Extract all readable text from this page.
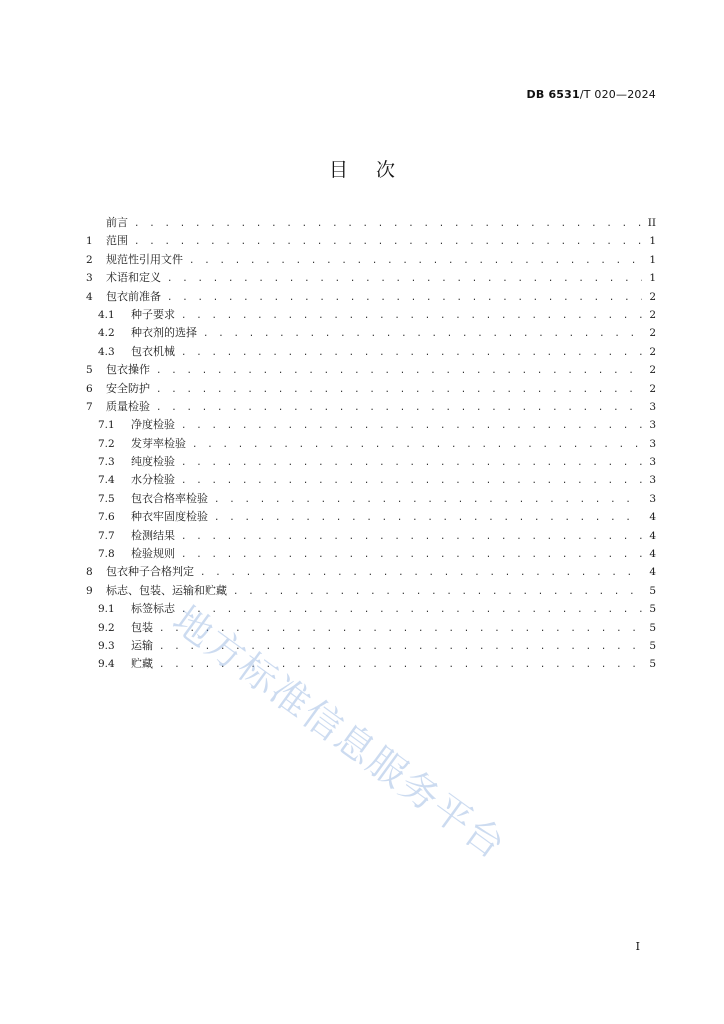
DB 6531/T 020—2024
目次
前言 . . .	II
1	范围 . . .	1
2	规范性引用文件 . . .	1
3	术语和定义 . . .	1
4	包衣前准备 . . .	2
4.1	种子要求 . . .	2
4.2	种衣剂的选择 . . .	2
4.3	包衣机械 . . .	2
5	包衣操作 . . .	2
6	安全防护 . . .	2
7	质量检验 . . .	3
7.1	净度检验 . . .	3
7.2	发芽率检验 . . .	3
7.3	纯度检验 . . .	3
7.4	水分检验 . . .	3
7.5	包衣合格率检验 . . .	3
7.6	种衣牢固度检验 . . .	4
7.7	检测结果 . . .	4
7.8	检验规则 . . .	4
8	包衣种子合格判定 . . .	4
9	标志、包装、运输和贮藏 . . .	5
9.1	标签标志 . . .	5
9.2	包装 . . .	5
9.3	运输 . . .	5
9.4	贮藏 . . .	5
地方标准信息服务平台
I
